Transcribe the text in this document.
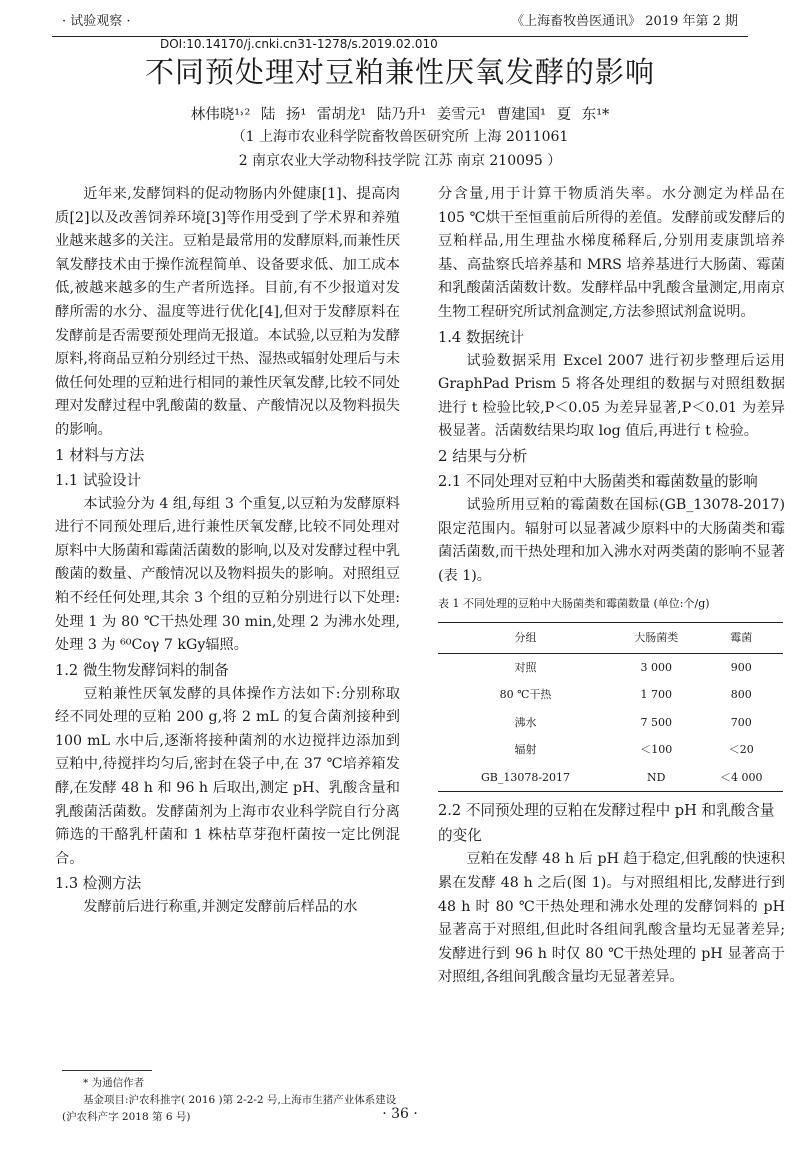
· 试验观察 ·	《上海畜牧兽医通讯》 2019 年第 2 期
DOI:10.14170/j.cnki.cn31-1278/s.2019.02.010
不同预处理对豆粕兼性厌氧发酵的影响
林伟晓¹˒² 陆 扬¹ 雷胡龙¹ 陆乃升¹ 姜雪元¹ 曹建国¹ 夏 东¹*
（1 上海市农业科学院畜牧兽医研究所 上海 2011061
2 南京农业大学动物科技学院 江苏 南京 210095 ）

近年来,发酵饲料的促动物肠内外健康[1]、提高肉质[2]以及改善饲养环境[3]等作用受到了学术界和养殖业越来越多的关注。豆粕是最常用的发酵原料,而兼性厌氧发酵技术由于操作流程简单、设备要求低、加工成本低,被越来越多的生产者所选择。目前,有不少报道对发酵所需的水分、温度等进行优化[4],但对于发酵原料在发酵前是否需要预处理尚无报道。本试验,以豆粕为发酵原料,将商品豆粕分别经过干热、湿热或辐射处理后与未做任何处理的豆粕进行相同的兼性厌氧发酵,比较不同处理对发酵过程中乳酸菌的数量、产酸情况以及物料损失的影响。

1 材料与方法
1.1 试验设计

本试验分为 4 组,每组 3 个重复,以豆粕为发酵原料进行不同预处理后,进行兼性厌氧发酵,比较不同处理对原料中大肠菌和霉菌活菌数的影响,以及对发酵过程中乳酸菌的数量、产酸情况以及物料损失的影响。对照组豆粕不经任何处理,其余 3 个组的豆粕分别进行以下处理:处理 1 为 80 ℃干热处理 30 min,处理 2 为沸水处理,处理 3 为 ⁶⁰Coγ 7 kGy辐照。

1.2 微生物发酵饲料的制备

豆粕兼性厌氧发酵的具体操作方法如下:分别称取经不同处理的豆粕 200 g,将 2 mL 的复合菌剂接种到 100 mL 水中后,逐渐将接种菌剂的水边搅拌边添加到豆粕中,待搅拌均匀后,密封在袋子中,在 37 ℃培养箱发酵,在发酵 48 h 和 96 h 后取出,测定 pH、乳酸含量和乳酸菌活菌数。发酵菌剂为上海市农业科学院自行分离筛选的干酪乳杆菌和 1 株枯草芽孢杆菌按一定比例混合。

1.3 检测方法

发酵前后进行称重,并测定发酵前后样品的水

* 为通信作者
基金项目:沪农科推字( 2016 )第 2-2-2 号,上海市生猪产业体系建设(沪农科产字 2018 第 6 号)

分含量,用于计算干物质消失率。水分测定为样品在 105 ℃烘干至恒重前后所得的差值。发酵前或发酵后的豆粕样品,用生理盐水梯度稀释后,分别用麦康凯培养基、高盐察氏培养基和 MRS 培养基进行大肠菌、霉菌和乳酸菌活菌数计数。发酵样品中乳酸含量测定,用南京生物工程研究所试剂盒测定,方法参照试剂盒说明。

1.4 数据统计

试验数据采用 Excel 2007 进行初步整理后运用 GraphPad Prism 5 将各处理组的数据与对照组数据进行 t 检验比较,P＜0.05 为差异显著,P＜0.01 为差异极显著。活菌数结果均取 log 值后,再进行 t 检验。

2 结果与分析
2.1 不同处理对豆粕中大肠菌类和霉菌数量的影响

试验所用豆粕的霉菌数在国标(GB_13078-2017)限定范围内。辐射可以显著减少原料中的大肠菌类和霉菌活菌数,而干热处理和加入沸水对两类菌的影响不显著(表 1)。

表 1 不同处理的豆粕中大肠菌类和霉菌数量 (单位:个/g)
分组	大肠菌类	霉菌
对照	3 000	900
80 ℃干热	1 700	800
沸水	7 500	700
辐射	＜100	＜20
GB_13078-2017	ND	＜4 000
2.2 不同预处理的豆粕在发酵过程中 pH 和乳酸含量的变化

豆粕在发酵 48 h 后 pH 趋于稳定,但乳酸的快速积累在发酵 48 h 之后(图 1)。与对照组相比,发酵进行到 48 h 时 80 ℃干热处理和沸水处理的发酵饲料的 pH 显著高于对照组,但此时各组间乳酸含量均无显著差异;发酵进行到 96 h 时仅 80 ℃干热处理的 pH 显著高于对照组,各组间乳酸含量均无显著差异。

· 36 ·
